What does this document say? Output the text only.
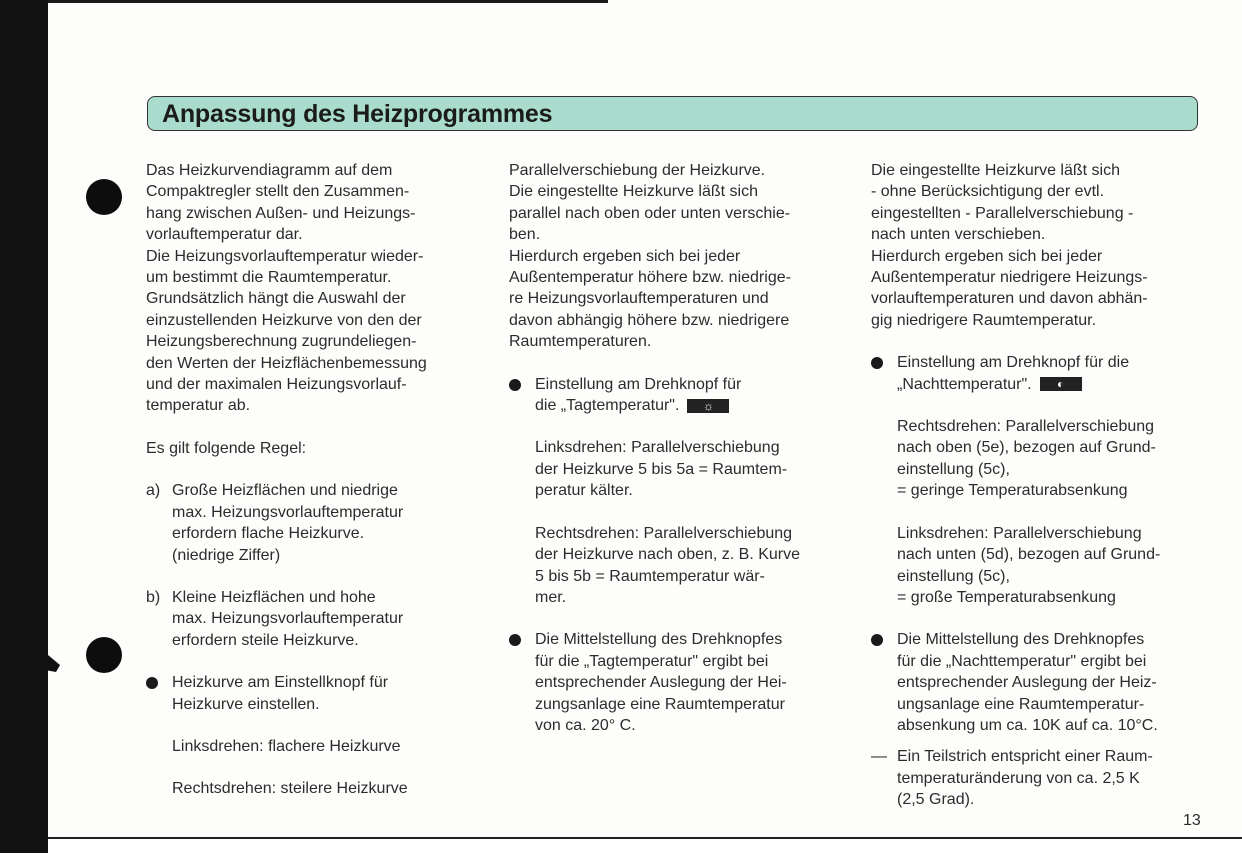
Anpassung des Heizprogrammes
Das Heizkurvendiagramm auf dem
Compaktregler stellt den Zusammen-
hang zwischen Außen- und Heizungs-
vorlauftemperatur dar.
Die Heizungsvorlauftemperatur wieder-
um bestimmt die Raumtemperatur.
Grundsätzlich hängt die Auswahl der
einzustellenden Heizkurve von den der
Heizungsberechnung zugrundeliegen-
den Werten der Heizflächenbemessung
und der maximalen Heizungsvorlauf-
temperatur ab.
Es gilt folgende Regel:
a) Große Heizflächen und niedrige
max. Heizungsvorlauftemperatur
erfordern flache Heizkurve.
(niedrige Ziffer)
b) Kleine Heizflächen und hohe
max. Heizungsvorlauftemperatur
erfordern steile Heizkurve.
Heizkurve am Einstellknopf für
Heizkurve einstellen.
Linksdrehen: flachere Heizkurve
Rechtsdrehen: steilere Heizkurve
Parallelverschiebung der Heizkurve.
Die eingestellte Heizkurve läßt sich
parallel nach oben oder unten verschie-
ben.
Hierdurch ergeben sich bei jeder
Außentemperatur höhere bzw. niedrige-
re Heizungsvorlauftemperaturen und
davon abhängig höhere bzw. niedrigere
Raumtemperaturen.
Einstellung am Drehknopf für
die „Tagtemperatur". ☼
Linksdrehen: Parallelverschiebung
der Heizkurve 5 bis 5a = Raumtem-
peratur kälter.
Rechtsdrehen: Parallelverschiebung
der Heizkurve nach oben, z. B. Kurve
5 bis 5b = Raumtemperatur wär-
mer.
Die Mittelstellung des Drehknopfes
für die „Tagtemperatur" ergibt bei
entsprechender Auslegung der Hei-
zungsanlage eine Raumtemperatur
von ca. 20° C.
Die eingestellte Heizkurve läßt sich
- ohne Berücksichtigung der evtl.
eingestellten - Parallelverschiebung -
nach unten verschieben.
Hierdurch ergeben sich bei jeder
Außentemperatur niedrigere Heizungs-
vorlauftemperaturen und davon abhän-
gig niedrigere Raumtemperatur.
Einstellung am Drehknopf für die
„Nachttemperatur". ◐
Rechtsdrehen: Parallelverschiebung
nach oben (5e), bezogen auf Grund-
einstellung (5c),
= geringe Temperaturabsenkung
Linksdrehen: Parallelverschiebung
nach unten (5d), bezogen auf Grund-
einstellung (5c),
= große Temperaturabsenkung
Die Mittelstellung des Drehknopfes
für die „Nachttemperatur" ergibt bei
entsprechender Auslegung der Heiz-
ungsanlage eine Raumtemperatur-
absenkung um ca. 10K auf ca. 10°C.
— Ein Teilstrich entspricht einer Raum-
temperaturänderung von ca. 2,5 K
(2,5 Grad).
13
